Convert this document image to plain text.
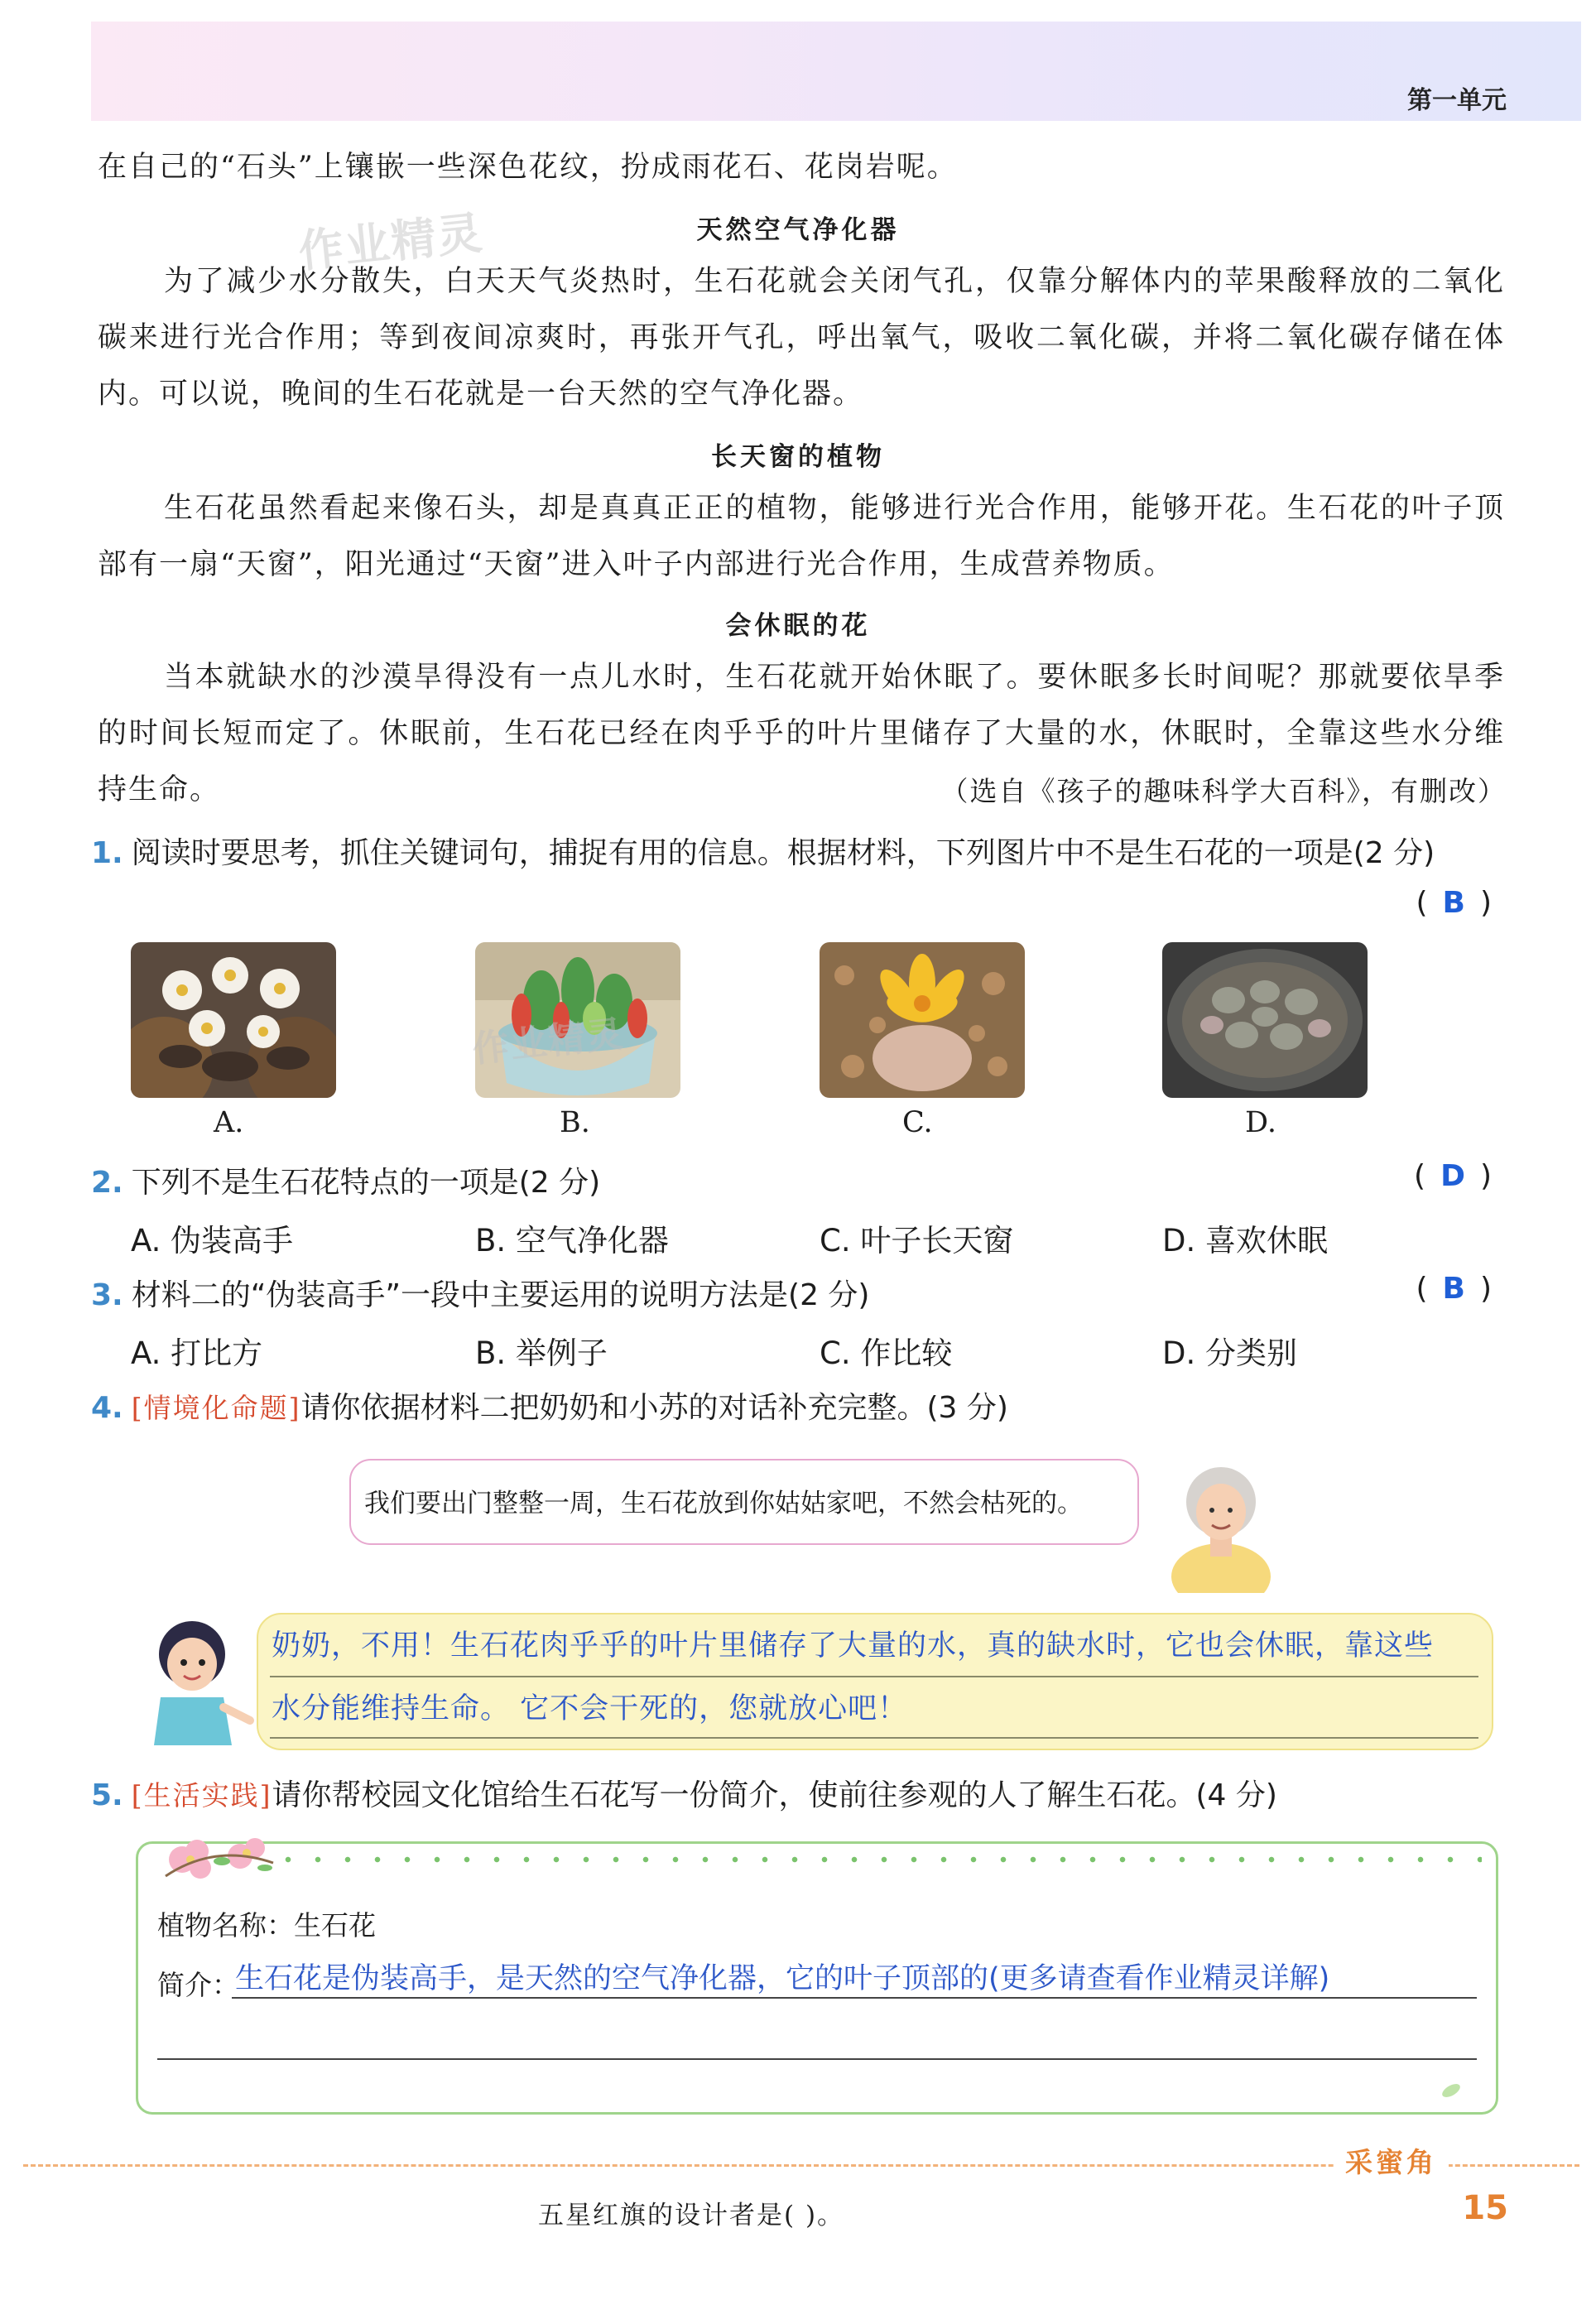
第一单元
在自己的“石头”上镶嵌一些深色花纹，扮成雨花石、花岗岩呢。
作业精灵	天然空气净化器
为了减少水分散失，白天天气炎热时，生石花就会关闭气孔，仅靠分解体内的苹果酸释放的二氧化碳来进行光合作用；等到夜间凉爽时，再张开气孔，呼出氧气，吸收二氧化碳，并将二氧化碳存储在体内。可以说，晚间的生石花就是一台天然的空气净化器。
长天窗的植物
生石花虽然看起来像石头，却是真真正正的植物，能够进行光合作用，能够开花。生石花的叶子顶部有一扇“天窗”，阳光通过“天窗”进入叶子内部进行光合作用，生成营养物质。
会休眠的花
当本就缺水的沙漠旱得没有一点儿水时，生石花就开始休眠了。要休眠多长时间呢？那就要依旱季的时间长短而定了。休眠前，生石花已经在肉乎乎的叶片里储存了大量的水，休眠时，全靠这些水分维持生命。	（选自《孩子的趣味科学大百科》，有删改）
1. 阅读时要思考，抓住关键词句，捕捉有用的信息。根据材料，下列图片中不是生石花的一项是(2 分)
(B)
作业精灵
A.	B.	C.	D.
2. 下列不是生石花特点的一项是(2 分)	(D)
A. 伪装高手	B. 空气净化器	C. 叶子长天窗	D. 喜欢休眠
3. 材料二的“伪装高手”一段中主要运用的说明方法是(2 分)	(B)
A. 打比方	B. 举例子	C. 作比较	D. 分类别
4. [情境化命题]请你依据材料二把奶奶和小苏的对话补充完整。(3 分)
我们要出门整整一周，生石花放到你姑姑家吧，不然会枯死的。
奶奶，不用！生石花肉乎乎的叶片里储存了大量的水，真的缺水时，它也会休眠，靠这些
水分能维持生命。 它不会干死的，您就放心吧！
5. [生活实践]请你帮校园文化馆给生石花写一份简介，使前往参观的人了解生石花。(4 分)
植物名称：生石花
简介：
生石花是伪装高手，是天然的空气净化器，它的叶子顶部的(更多请查看作业精灵详解)
采蜜角
五星红旗的设计者是( )。	15
